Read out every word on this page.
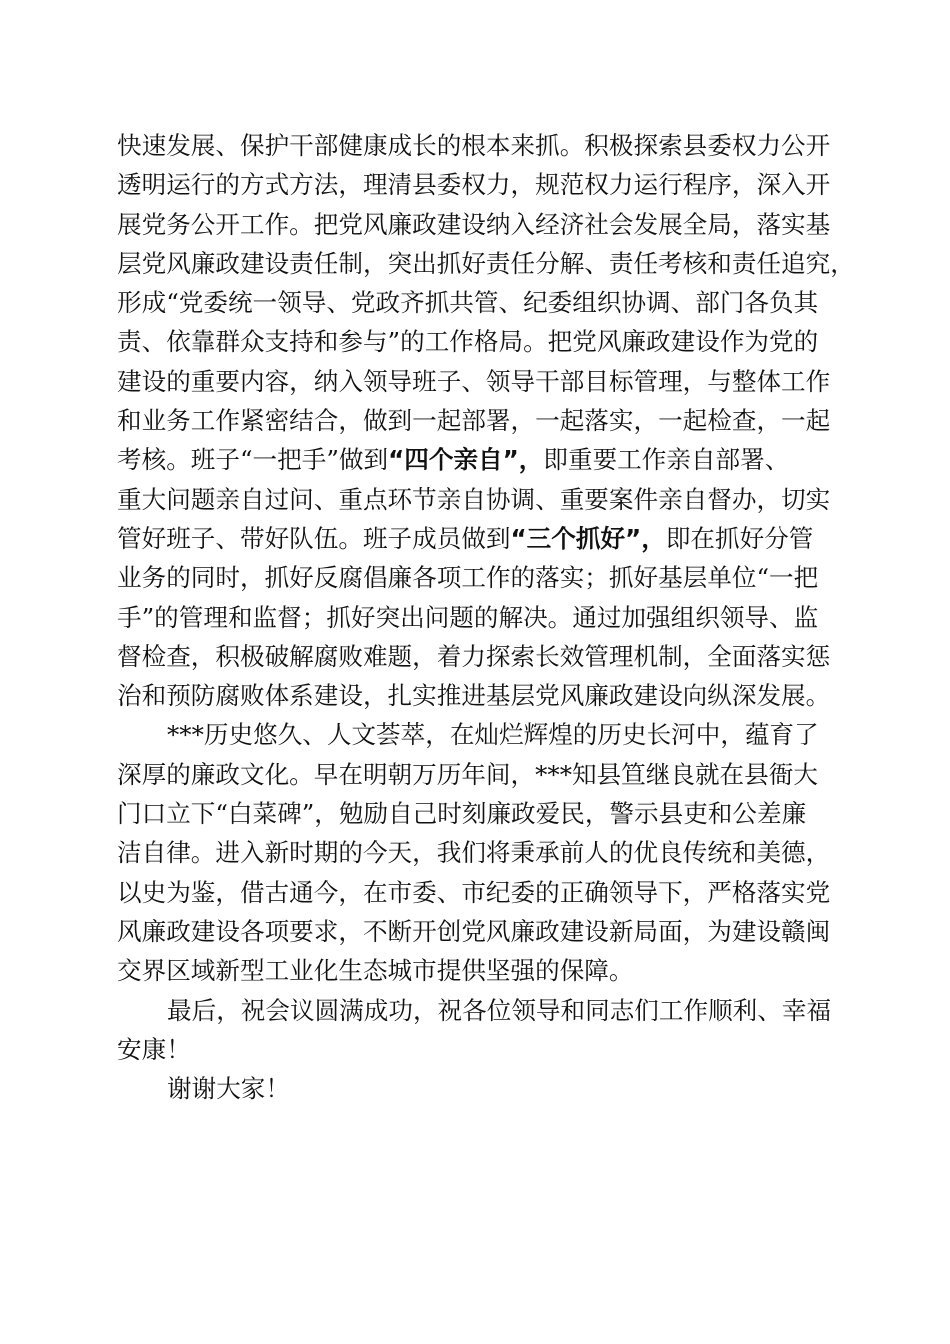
快速发展、保护干部健康成长的根本来抓。积极探索县委权力公开
透明运行的方式方法，理清县委权力，规范权力运行程序，深入开
展党务公开工作。把党风廉政建设纳入经济社会发展全局，落实基
层党风廉政建设责任制，突出抓好责任分解、责任考核和责任追究，
形成“党委统一领导、党政齐抓共管、纪委组织协调、部门各负其
责、依靠群众支持和参与”的工作格局。把党风廉政建设作为党的
建设的重要内容，纳入领导班子、领导干部目标管理，与整体工作
和业务工作紧密结合，做到一起部署，一起落实，一起检查，一起
考核。班子“一把手”做到“四个亲自”，即重要工作亲自部署、
重大问题亲自过问、重点环节亲自协调、重要案件亲自督办，切实
管好班子、带好队伍。班子成员做到“三个抓好”，即在抓好分管
业务的同时，抓好反腐倡廉各项工作的落实；抓好基层单位“一把
手”的管理和监督；抓好突出问题的解决。通过加强组织领导、监
督检查，积极破解腐败难题，着力探索长效管理机制，全面落实惩
治和预防腐败体系建设，扎实推进基层党风廉政建设向纵深发展。
***历史悠久、人文荟萃，在灿烂辉煌的历史长河中，蕴育了
深厚的廉政文化。早在明朝万历年间，***知县笪继良就在县衙大
门口立下“白菜碑”，勉励自己时刻廉政爱民，警示县吏和公差廉
洁自律。进入新时期的今天，我们将秉承前人的优良传统和美德，
以史为鉴，借古通今，在市委、市纪委的正确领导下，严格落实党
风廉政建设各项要求，不断开创党风廉政建设新局面，为建设赣闽
交界区域新型工业化生态城市提供坚强的保障。
最后，祝会议圆满成功，祝各位领导和同志们工作顺利、幸福
安康！
谢谢大家！
